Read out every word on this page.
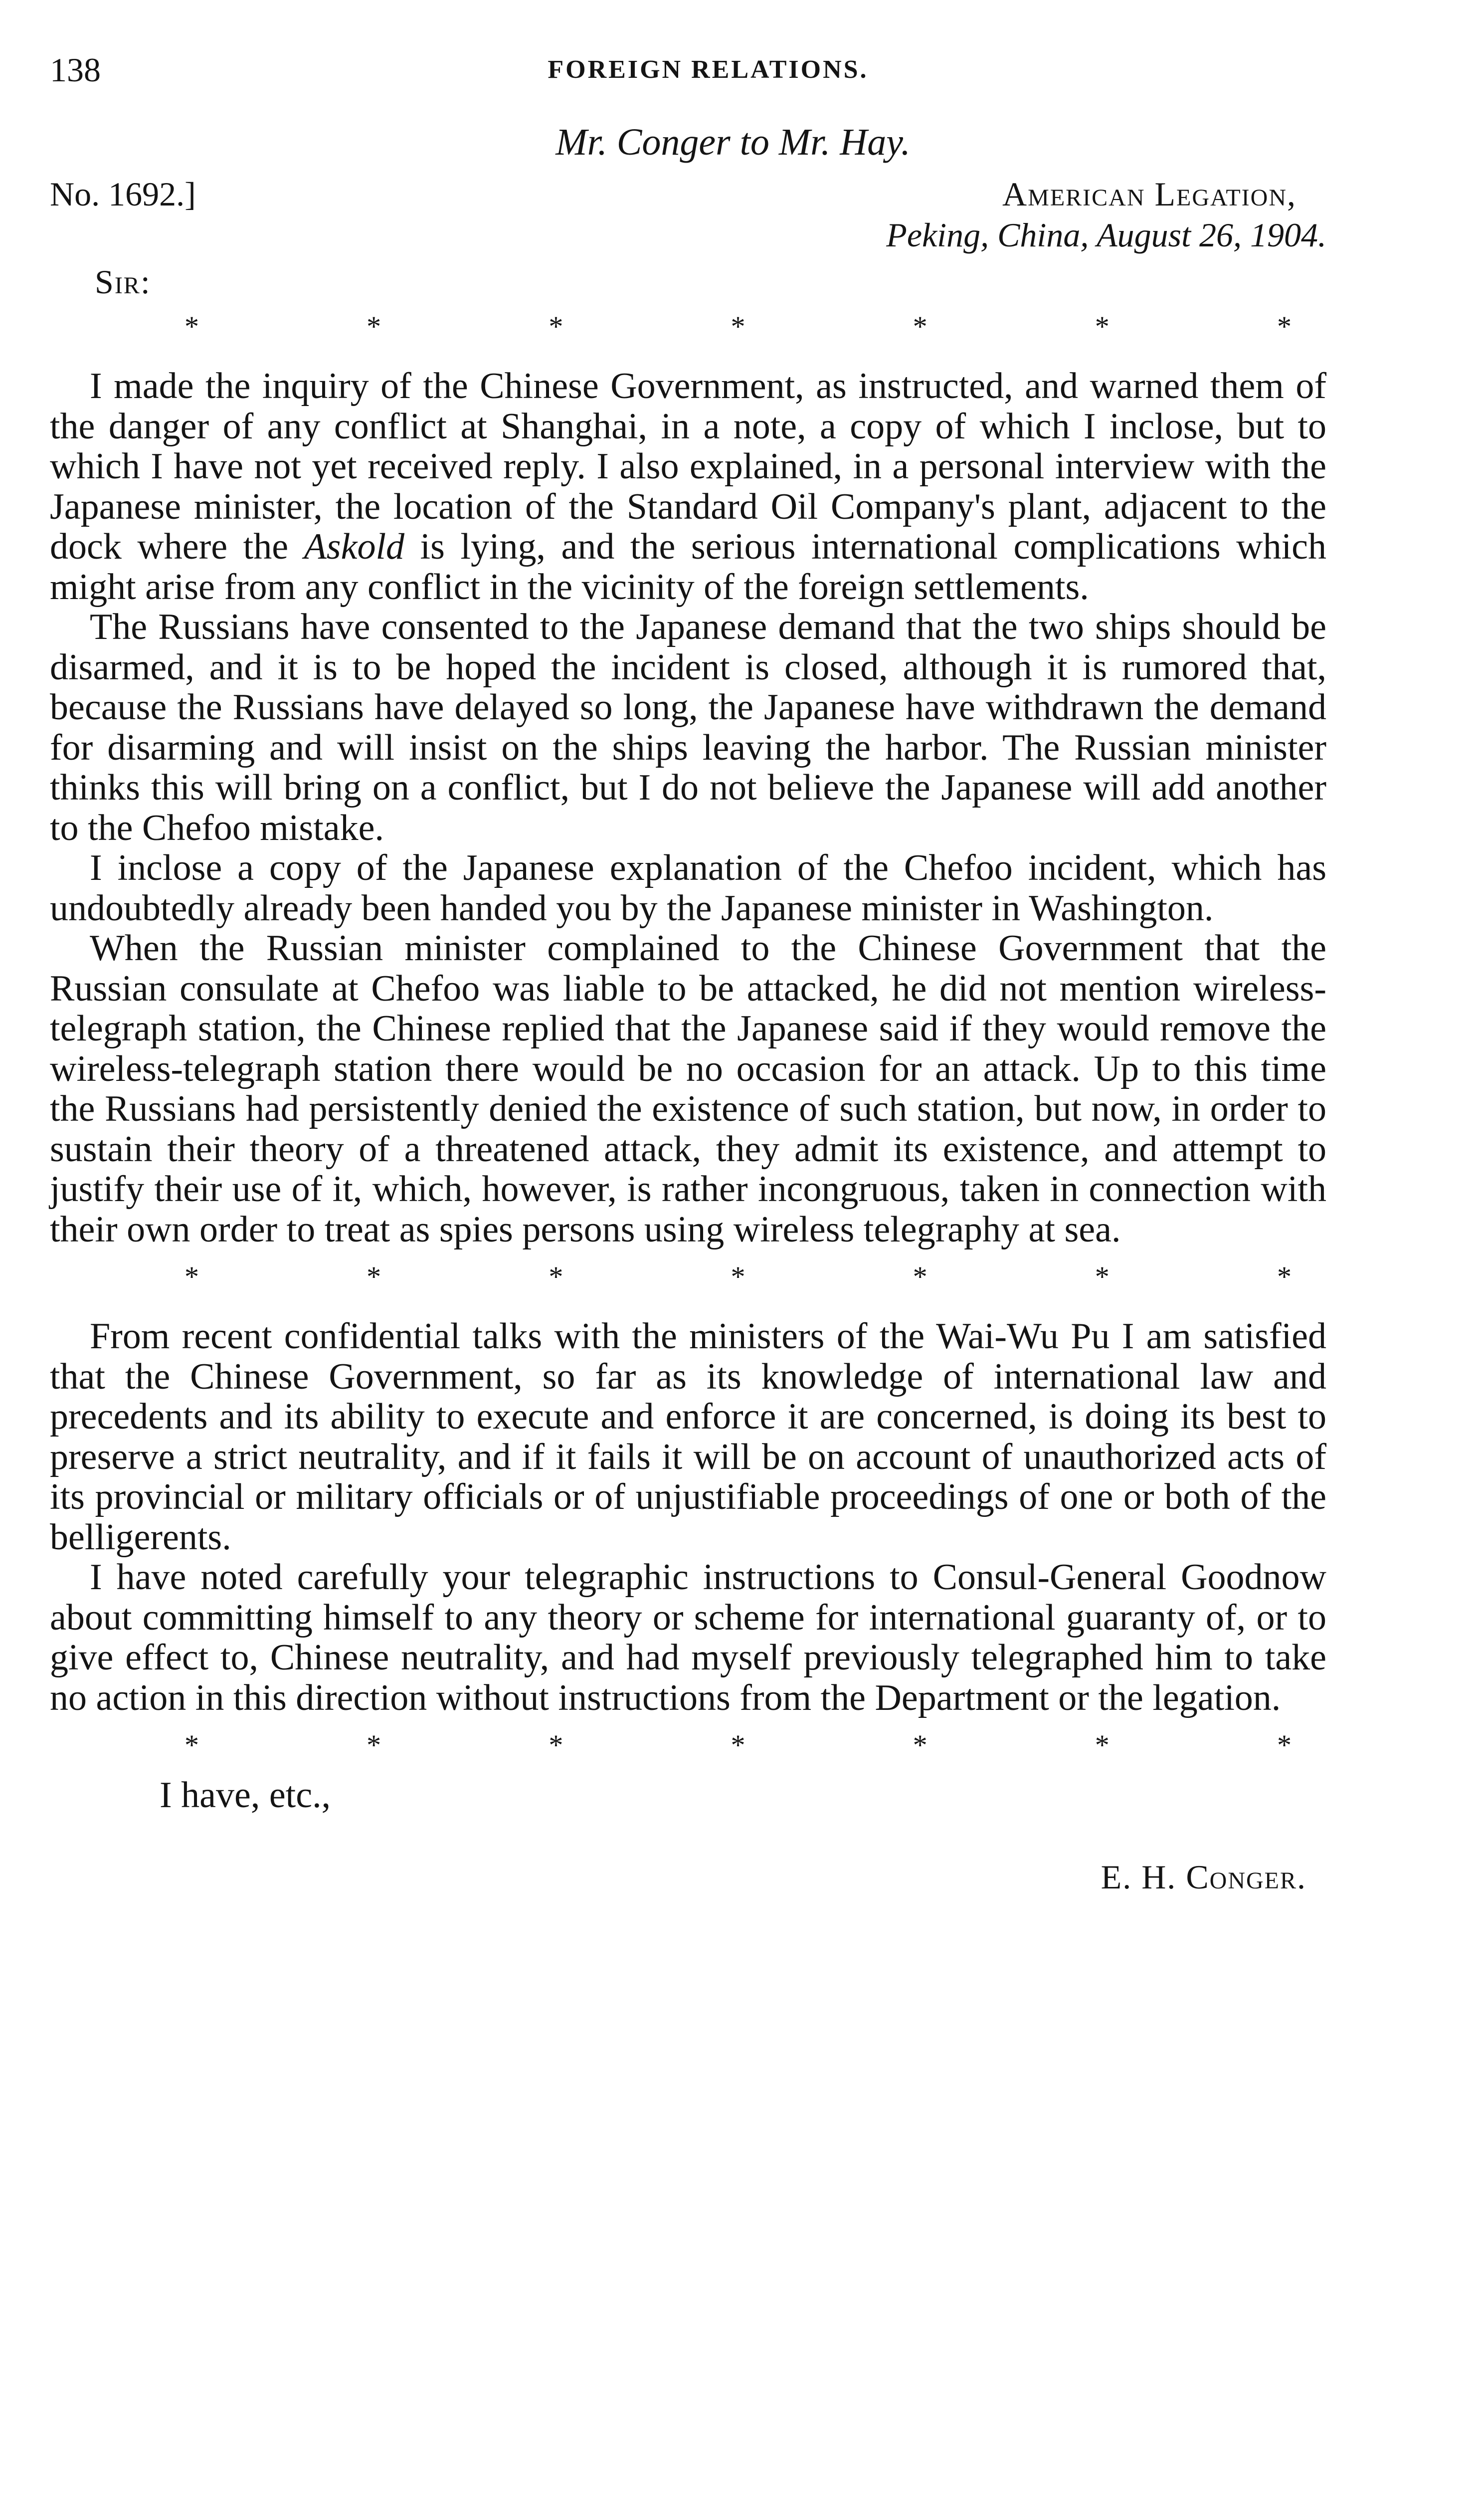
138	FOREIGN RELATIONS.
Mr. Conger to Mr. Hay.
No. 1692.]	American Legation,
Peking, China, August 26, 1904.
Sir:
*	*	*	*	*	*	*

I made the inquiry of the Chinese Government, as instructed, and warned them of the danger of any conflict at Shanghai, in a note, a copy of which I inclose, but to which I have not yet received reply. I also explained, in a personal interview with the Japanese minister, the location of the Standard Oil Company's plant, adjacent to the dock where the Askold is lying, and the serious international complications which might arise from any conflict in the vicinity of the foreign settlements.

The Russians have consented to the Japanese demand that the two ships should be disarmed, and it is to be hoped the incident is closed, although it is rumored that, because the Russians have delayed so long, the Japanese have withdrawn the demand for disarming and will insist on the ships leaving the harbor. The Russian minister thinks this will bring on a conflict, but I do not believe the Japanese will add another to the Chefoo mistake.

I inclose a copy of the Japanese explanation of the Chefoo incident, which has undoubtedly already been handed you by the Japanese minister in Washington.

When the Russian minister complained to the Chinese Government that the Russian consulate at Chefoo was liable to be attacked, he did not mention wireless-telegraph station, the Chinese replied that the Japanese said if they would remove the wireless-telegraph station there would be no occasion for an attack. Up to this time the Russians had persistently denied the existence of such station, but now, in order to sustain their theory of a threatened attack, they admit its existence, and attempt to justify their use of it, which, however, is rather incongruous, taken in connection with their own order to treat as spies persons using wireless telegraphy at sea.

*	*	*	*	*	*	*

From recent confidential talks with the ministers of the Wai-Wu Pu I am satisfied that the Chinese Government, so far as its knowledge of international law and precedents and its ability to execute and enforce it are concerned, is doing its best to preserve a strict neutrality, and if it fails it will be on account of unauthorized acts of its provincial or military officials or of unjustifiable proceedings of one or both of the belligerents.

I have noted carefully your telegraphic instructions to Consul-General Goodnow about committing himself to any theory or scheme for international guaranty of, or to give effect to, Chinese neutrality, and had myself previously telegraphed him to take no action in this direction without instructions from the Department or the legation.

*	*	*	*	*	*	*
I have, etc.,
E. H. Conger.
